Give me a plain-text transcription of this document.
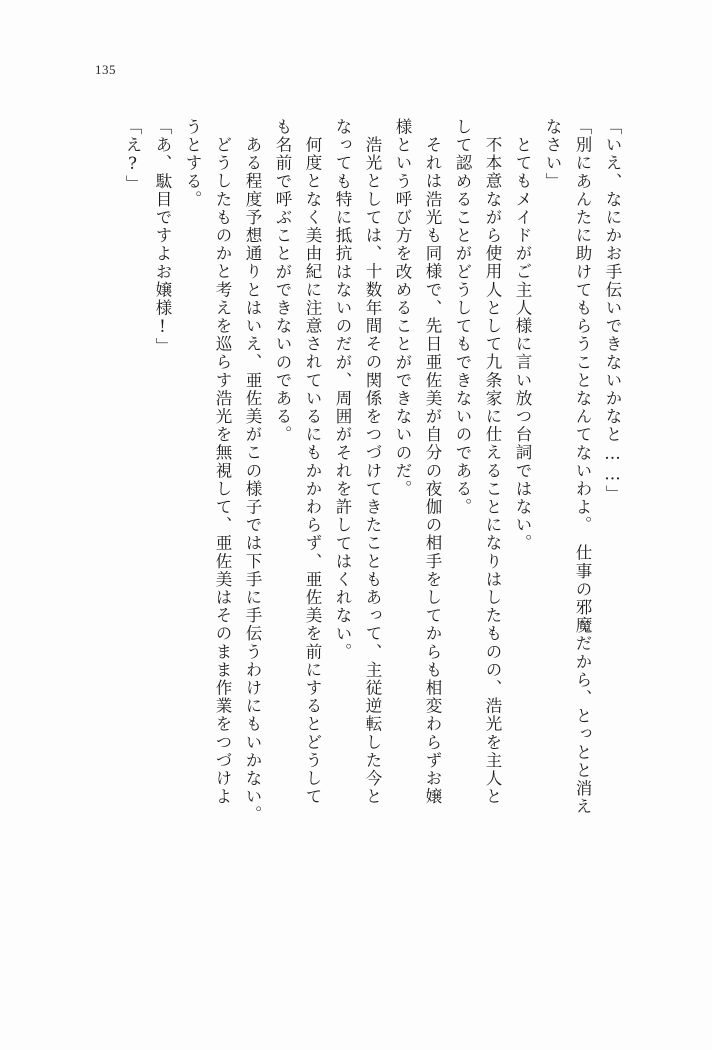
135
「いえ、なにかお手伝いできないかなと……」
「別にあんたに助けてもらうことなんてないわよ。　仕事の邪魔だから、とっとと消え
なさい」
とてもメイドがご主人様に言い放つ台詞ではない。
不本意ながら使用人として九条家に仕えることになりはしたものの、浩光を主人と
して認めることがどうしてもできないのである。
それは浩光も同様で、先日亜佐美が自分の夜伽の相手をしてからも相変わらずお嬢
様という呼び方を改めることができないのだ。
浩光としては、十数年間その関係をつづけてきたこともあって、主従逆転した今と
なっても特に抵抗はないのだが、周囲がそれを許してはくれない。
何度となく美由紀に注意されているにもかかわらず、亜佐美を前にするとどうして
も名前で呼ぶことができないのである。
ある程度予想通りとはいえ、亜佐美がこの様子では下手に手伝うわけにもいかない。
どうしたものかと考えを巡らす浩光を無視して、亜佐美はそのまま作業をつづけよ
うとする。
「あ、駄目ですよお嬢様!」
「え?」
